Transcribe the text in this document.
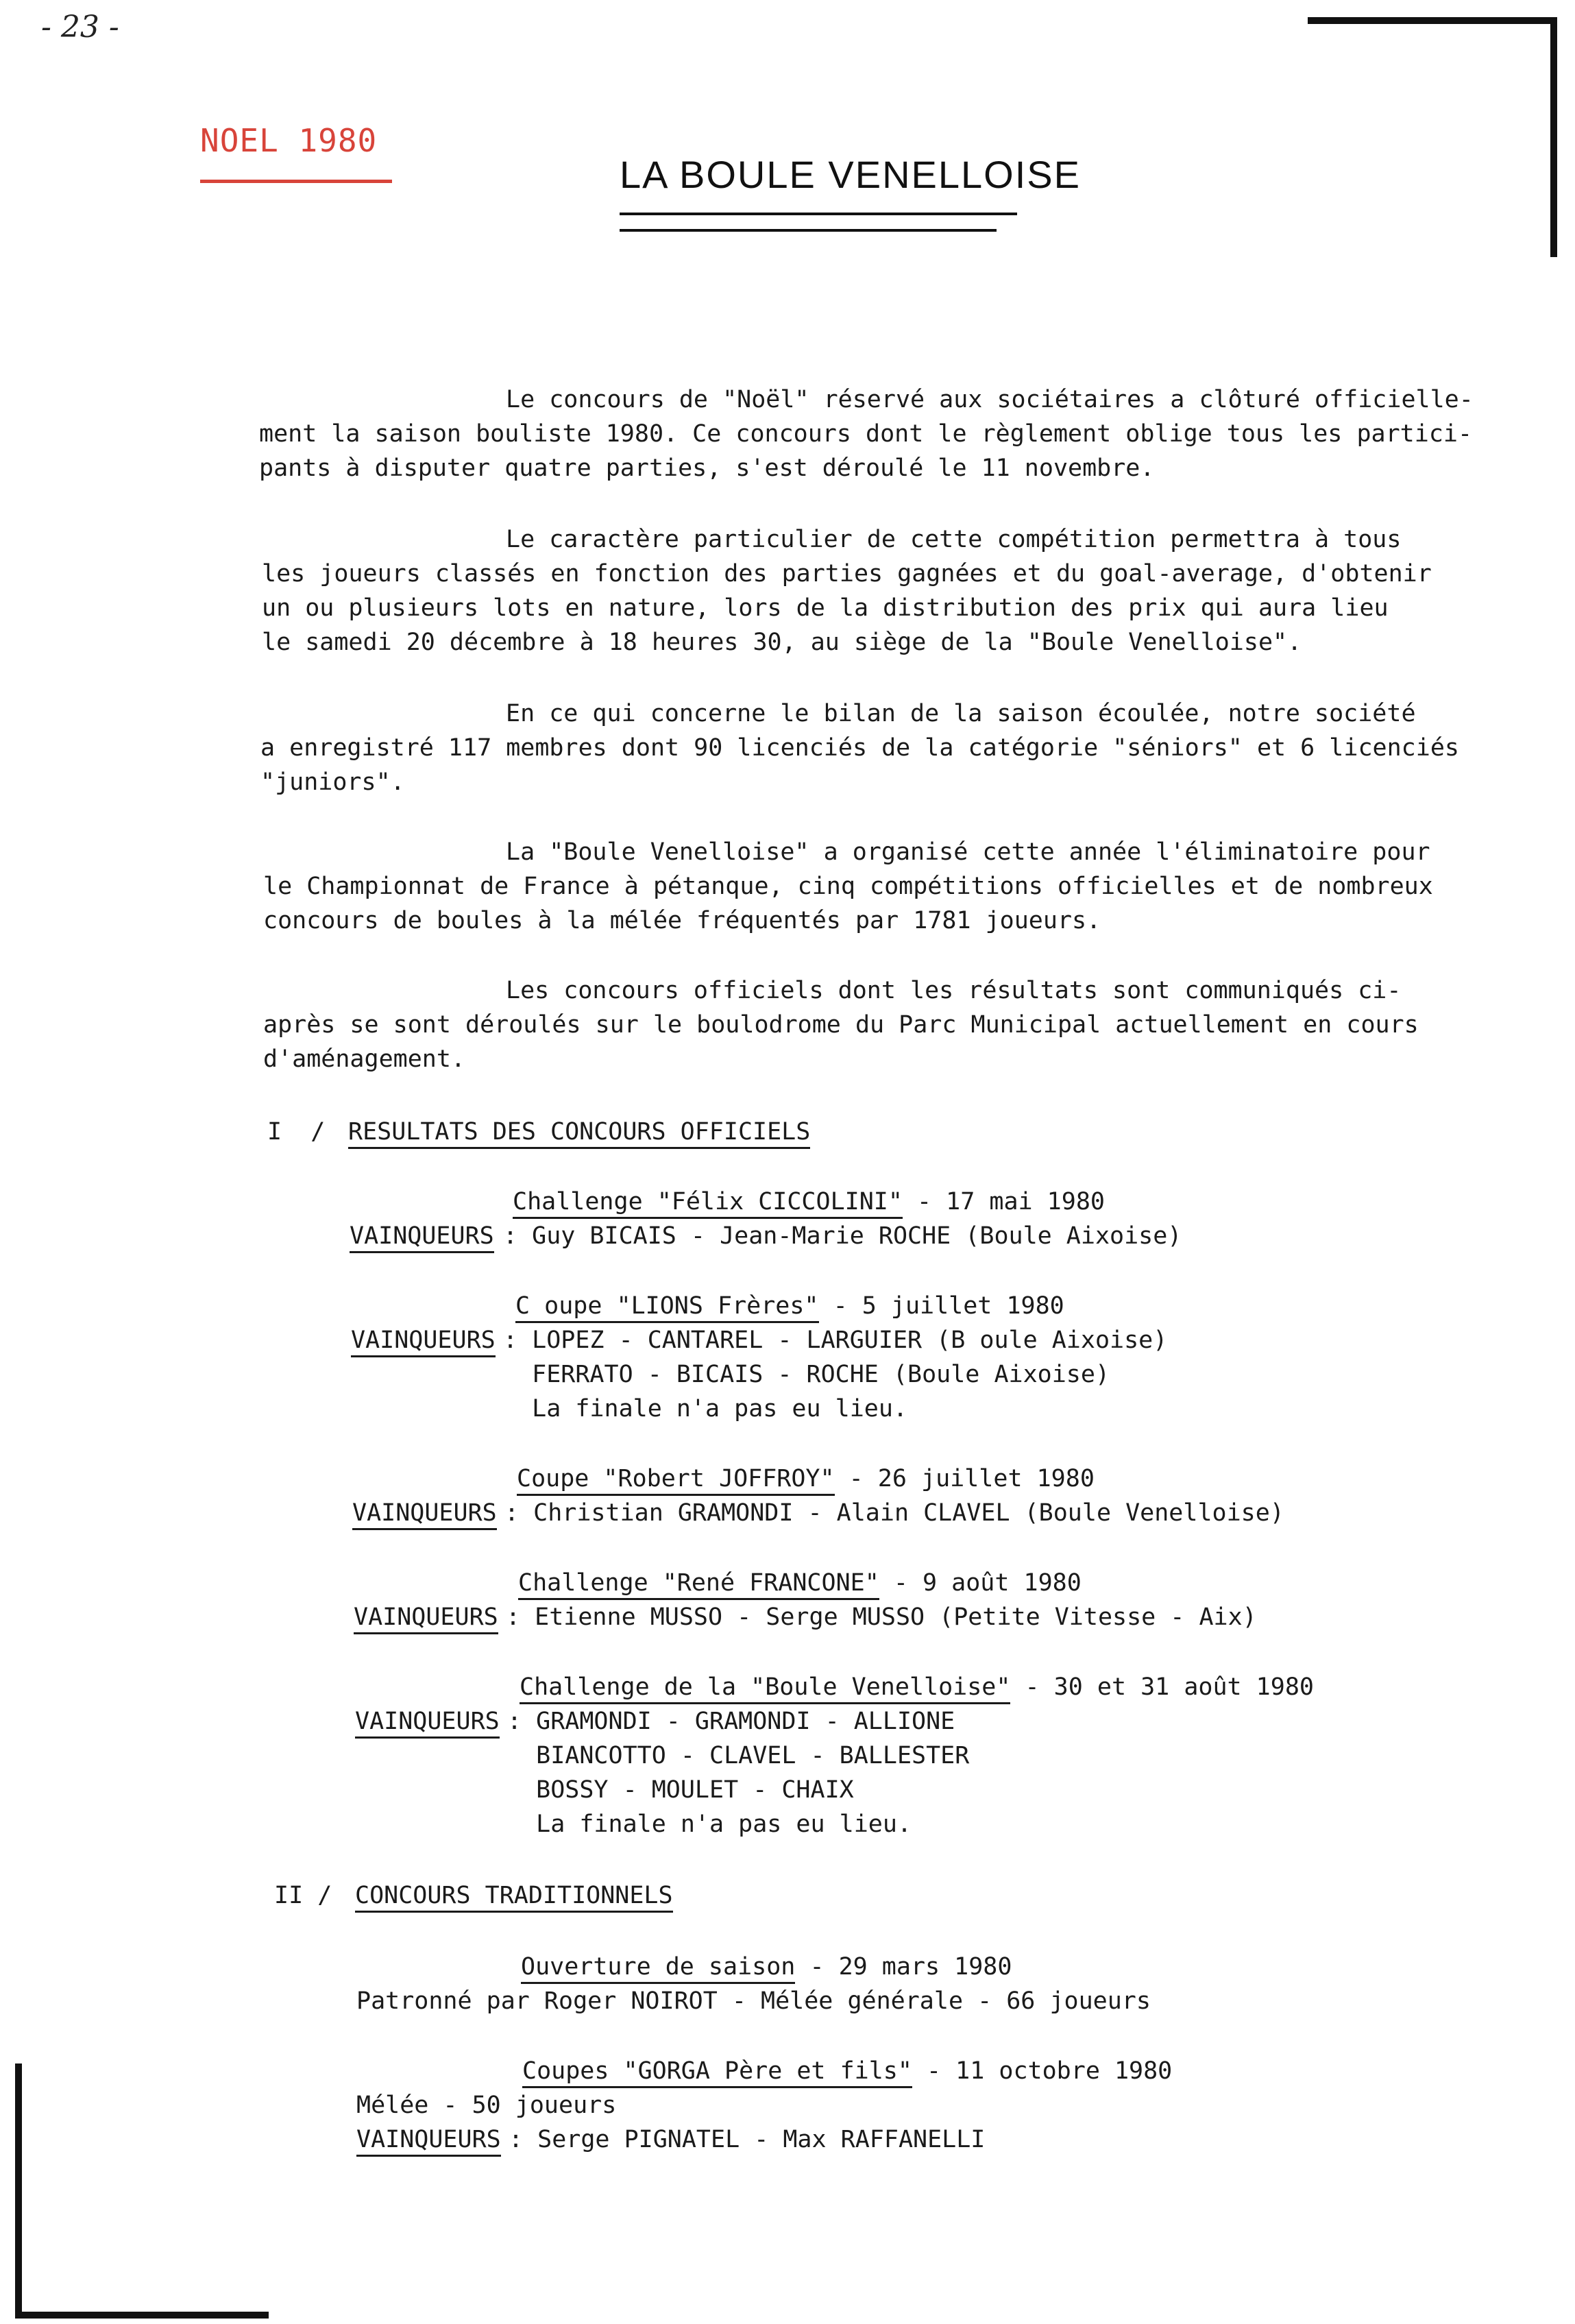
- 23 -
NOEL 1980
LA BOULE VENELLOISE
Le concours de "Noël" réservé aux sociétaires a clôturé officielle-
ment la saison bouliste 1980. Ce concours dont le règlement oblige tous les partici-
pants à disputer quatre parties, s'est déroulé le 11 novembre.
Le caractère particulier de cette compétition permettra à tous
les joueurs classés en fonction des parties gagnées et du goal-average, d'obtenir
un ou plusieurs lots en nature, lors de la distribution des prix qui aura lieu
le samedi 20 décembre à 18 heures 30, au siège de la "Boule Venelloise".
En ce qui concerne le bilan de la saison écoulée, notre société
a enregistré 117 membres dont 90 licenciés de la catégorie "séniors" et 6 licenciés
"juniors".
La "Boule Venelloise" a organisé cette année l'éliminatoire pour
le Championnat de France à pétanque, cinq compétitions officielles et de nombreux
concours de boules à la mélée fréquentés par 1781 joueurs.
Les concours officiels dont les résultats sont communiqués ci-
après se sont déroulés sur le boulodrome du Parc Municipal actuellement en cours
d'aménagement.
I  / RESULTATS DES CONCOURS OFFICIELS
Challenge "Félix CICCOLINI" - 17 mai 1980
VAINQUEURS : Guy BICAIS - Jean-Marie ROCHE (Boule Aixoise)
C oupe "LIONS Frères" - 5 juillet 1980
VAINQUEURS : LOPEZ - CANTAREL - LARGUIER (B oule Aixoise)
FERRATO - BICAIS - ROCHE (Boule Aixoise)
La finale n'a pas eu lieu.
Coupe "Robert JOFFROY" - 26 juillet 1980
VAINQUEURS : Christian GRAMONDI - Alain CLAVEL (Boule Venelloise)
Challenge "René FRANCONE" - 9 août 1980
VAINQUEURS : Etienne MUSSO - Serge MUSSO (Petite Vitesse - Aix)
Challenge de la "Boule Venelloise" - 30 et 31 août 1980
VAINQUEURS : GRAMONDI - GRAMONDI - ALLIONE
BIANCOTTO - CLAVEL - BALLESTER
BOSSY - MOULET - CHAIX
La finale n'a pas eu lieu.
II / CONCOURS TRADITIONNELS
Ouverture de saison - 29 mars 1980
Patronné par Roger NOIROT - Mélée générale - 66 joueurs
Coupes "GORGA Père et fils" - 11 octobre 1980
Mélée - 50 joueurs
VAINQUEURS : Serge PIGNATEL - Max RAFFANELLI
